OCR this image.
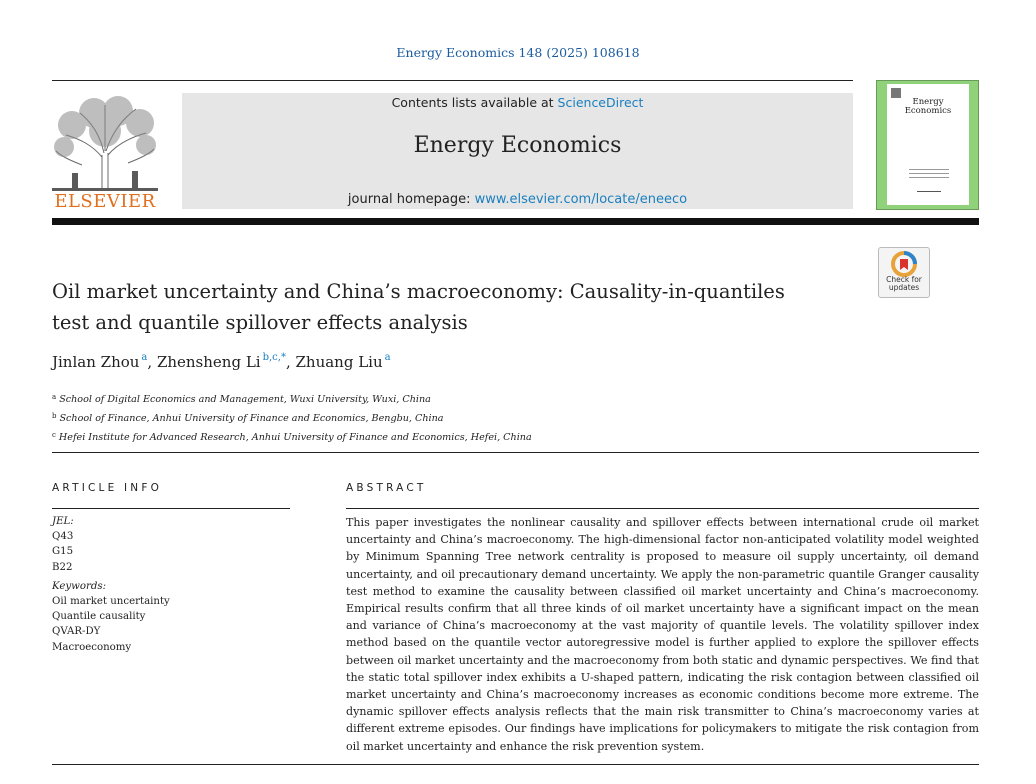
Energy Economics 148 (2025) 108618
ELSEVIER
Contents lists available at ScienceDirect
Energy Economics
journal homepage: www.elsevier.com/locate/eneeco
Energy
Economics
Check for
updates
Oil market uncertainty and China’s macroeconomy: Causality-in-quantiles
test and quantile spillover effects analysis
Jinlan Zhou $^a$, Zhensheng Li $^{b,c,*}$, Zhuang Liu $^a$
$^a$ School of Digital Economics and Management, Wuxi University, Wuxi, China
$^b$ School of Finance, Anhui University of Finance and Economics, Bengbu, China
$^c$ Hefei Institute for Advanced Research, Anhui University of Finance and Economics, Hefei, China
ARTICLE INFO
JEL:
Q43
G15
B22
Keywords:
Oil market uncertainty
Quantile causality
QVAR-DY
Macroeconomy
ABSTRACT

This paper investigates the nonlinear causality and spillover effects between international crude oil market uncertainty and China’s macroeconomy. The high-dimensional factor non-anticipated volatility model weighted by Minimum Spanning Tree network centrality is proposed to measure oil supply uncertainty, oil demand uncertainty, and oil precautionary demand uncertainty. We apply the non-parametric quantile Granger causality test method to examine the causality between classified oil market uncertainty and China’s macroeconomy. Empirical results confirm that all three kinds of oil market uncertainty have a significant impact on the mean and variance of China’s macroeconomy at the vast majority of quantile levels. The volatility spillover index method based on the quantile vector autoregressive model is further applied to explore the spillover effects between oil market uncertainty and the macroeconomy from both static and dynamic perspectives. We find that the static total spillover index exhibits a U-shaped pattern, indicating the risk contagion between classified oil market uncertainty and China’s macroeconomy increases as economic conditions become more extreme. The dynamic spillover effects analysis reflects that the main risk transmitter to China’s macroeconomy varies at different extreme episodes. Our findings have implications for policymakers to mitigate the risk contagion from oil market uncertainty and enhance the risk prevention system.
